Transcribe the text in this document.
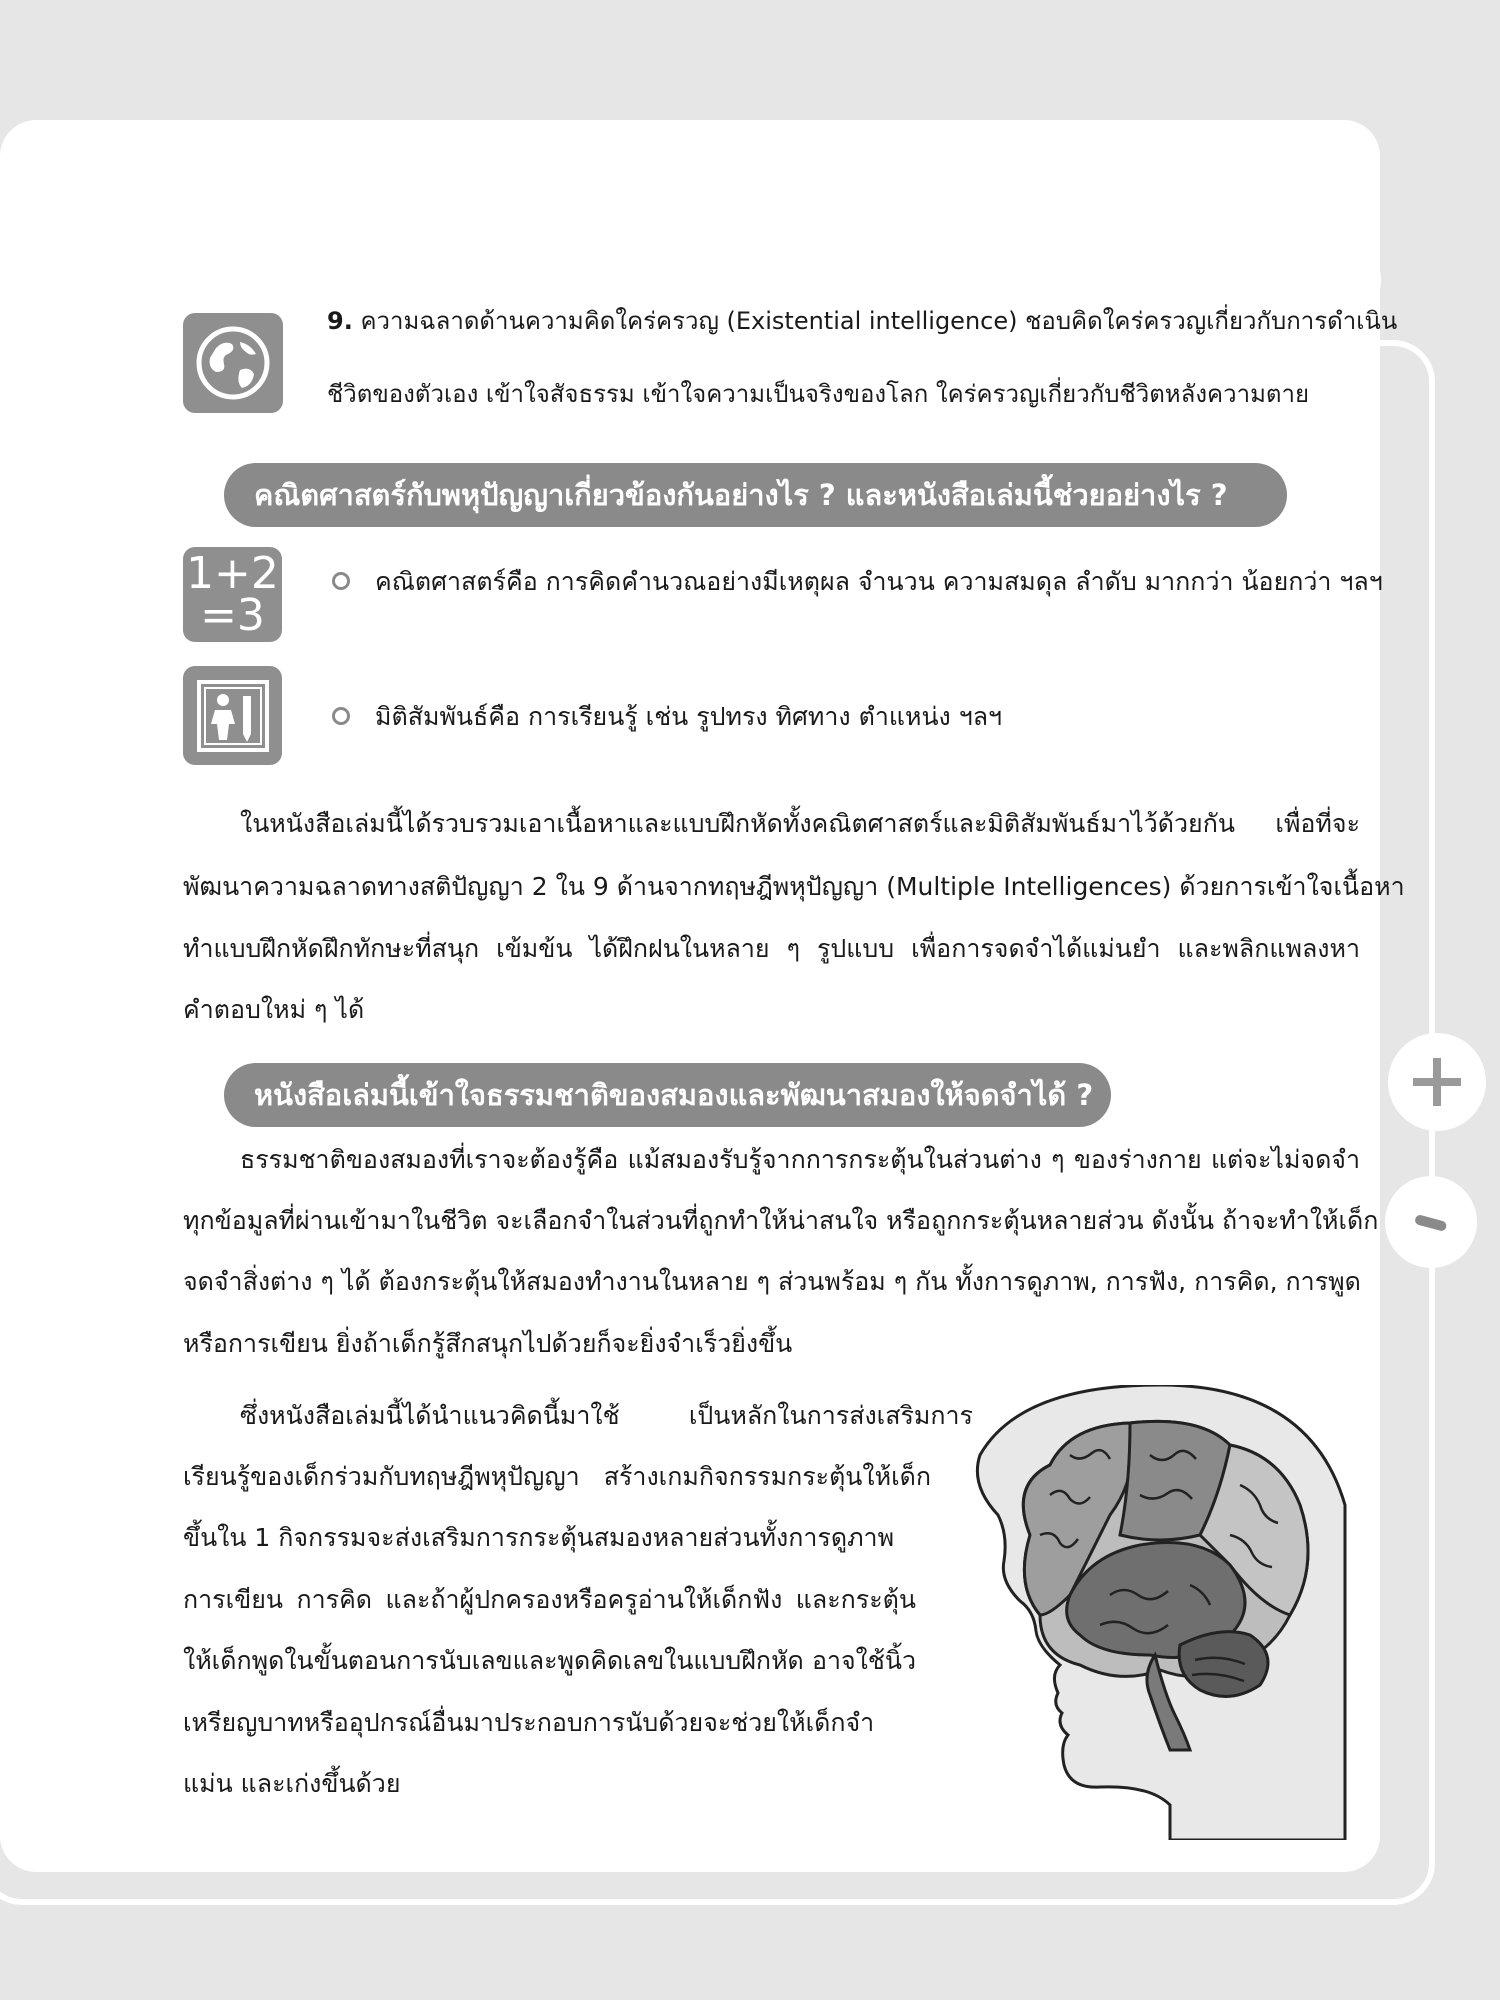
9. ความฉลาดด้านความคิดใคร่ครวญ (Existential intelligence) ชอบคิดใคร่ครวญเกี่ยวกับการดำเนิน
ชีวิตของตัวเอง เข้าใจสัจธรรม เข้าใจความเป็นจริงของโลก ใคร่ครวญเกี่ยวกับชีวิตหลังความตาย
คณิตศาสตร์กับพหุปัญญาเกี่ยวข้องกันอย่างไร ? และหนังสือเล่มนี้ช่วยอย่างไร ?
1+2
=3
คณิตศาสตร์คือ การคิดคำนวณอย่างมีเหตุผล จำนวน ความสมดุล ลำดับ มากกว่า น้อยกว่า ฯลฯ
มิติสัมพันธ์คือ การเรียนรู้ เช่น รูปทรง ทิศทาง ตำแหน่ง ฯลฯ
ในหนังสือเล่มนี้ได้รวบรวมเอาเนื้อหาและแบบฝึกหัดทั้งคณิตศาสตร์และมิติสัมพันธ์มาไว้ด้วยกัน เพื่อที่จะ
พัฒนาความฉลาดทางสติปัญญา 2 ใน 9 ด้านจากทฤษฎีพหุปัญญา (Multiple Intelligences) ด้วยการเข้าใจเนื้อหา
ทำแบบฝึกหัดฝึกทักษะที่สนุก เข้มข้น ได้ฝึกฝนในหลาย ๆ รูปแบบ เพื่อการจดจำได้แม่นยำ และพลิกแพลงหา
คำตอบใหม่ ๆ ได้
หนังสือเล่มนี้เข้าใจธรรมชาติของสมองและพัฒนาสมองให้จดจำได้ ?
ธรรมชาติของสมองที่เราจะต้องรู้คือ แม้สมองรับรู้จากการกระตุ้นในส่วนต่าง ๆ ของร่างกาย แต่จะไม่จดจำ
ทุกข้อมูลที่ผ่านเข้ามาในชีวิต จะเลือกจำในส่วนที่ถูกทำให้น่าสนใจ หรือถูกกระตุ้นหลายส่วน ดังนั้น ถ้าจะทำให้เด็ก
จดจำสิ่งต่าง ๆ ได้ ต้องกระตุ้นให้สมองทำงานในหลาย ๆ ส่วนพร้อม ๆ กัน ทั้งการดูภาพ, การฟัง, การคิด, การพูด
หรือการเขียน ยิ่งถ้าเด็กรู้สึกสนุกไปด้วยก็จะยิ่งจำเร็วยิ่งขึ้น
ซึ่งหนังสือเล่มนี้ได้นำแนวคิดนี้มาใช้ เป็นหลักในการส่งเสริมการ
เรียนรู้ของเด็กร่วมกับทฤษฎีพหุปัญญา สร้างเกมกิจกรรมกระตุ้นให้เด็ก
ขึ้นใน 1 กิจกรรมจะส่งเสริมการกระตุ้นสมองหลายส่วนทั้งการดูภาพ
การเขียน การคิด และถ้าผู้ปกครองหรือครูอ่านให้เด็กฟัง และกระตุ้น
ให้เด็กพูดในขั้นตอนการนับเลขและพูดคิดเลขในแบบฝึกหัด อาจใช้นิ้ว
เหรียญบาทหรืออุปกรณ์อื่นมาประกอบการนับด้วยจะช่วยให้เด็กจำ
แม่น และเก่งขึ้นด้วย
